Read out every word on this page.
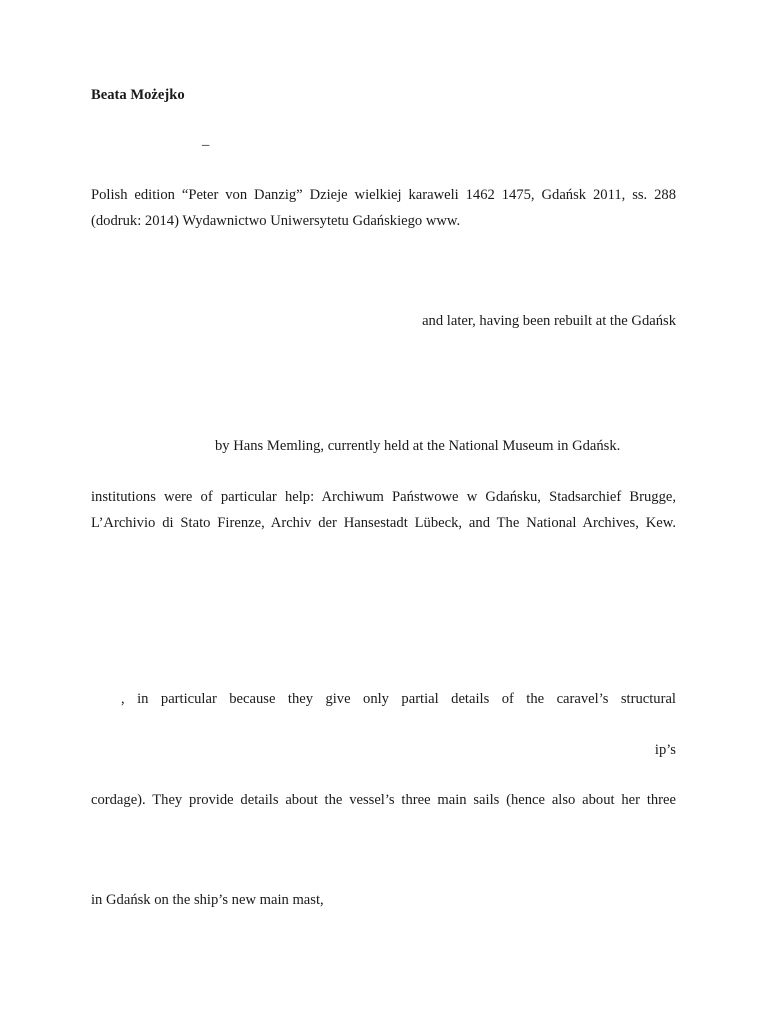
Beata Możejko
–
Polish edition “Peter von Danzig” Dzieje wielkiej karaweli 1462 1475, Gdańsk 2011, ss. 288
(dodruk: 2014) Wydawnictwo Uniwersytetu Gdańskiego www.
and later, having been rebuilt at the Gdańsk
by Hans Memling, currently held at the National Museum in Gdańsk.
institutions were of particular help: Archiwum Państwowe w Gdańsku, Stadsarchief Brugge,
L’Archivio di Stato Firenze, Archiv der Hansestadt Lübeck, and The National Archives, Kew.
, in particular because they give only partial details of the caravel’s structural
ip’s
cordage). They provide details about the vessel’s three main sails (hence also about her three
in Gdańsk on the ship’s new main mast,
